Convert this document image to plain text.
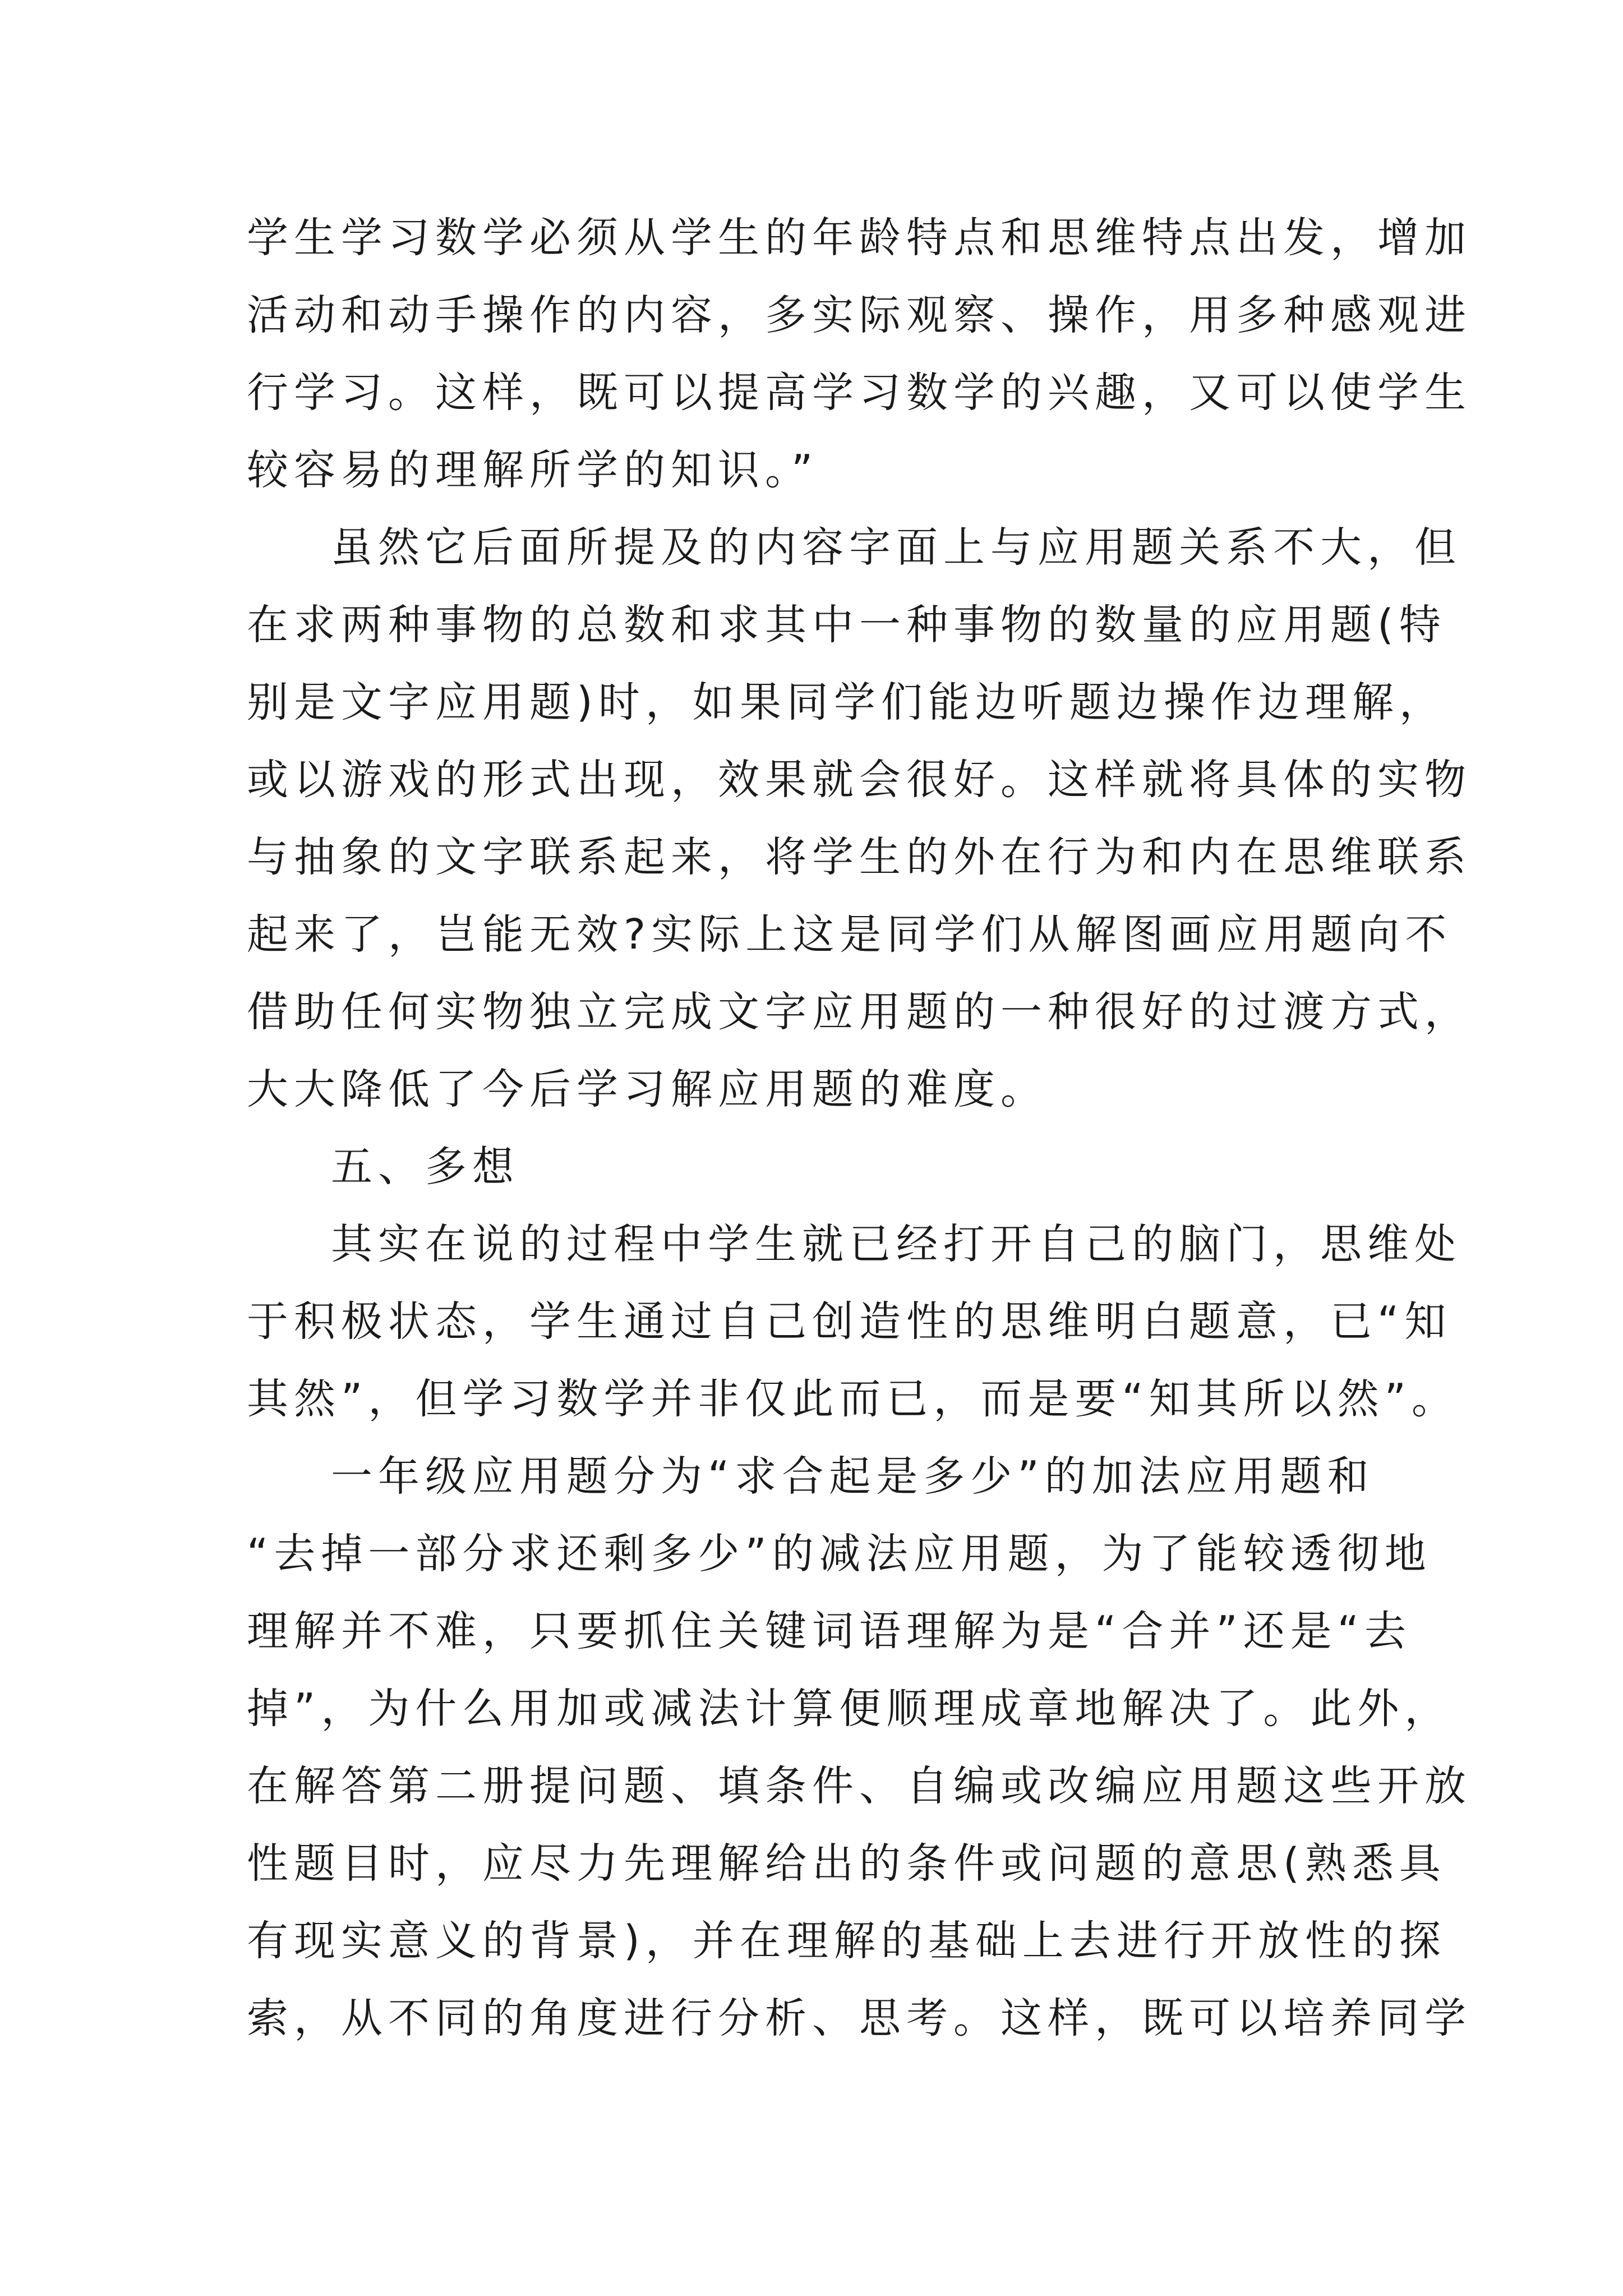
学生学习数学必须从学生的年龄特点和思维特点出发，增加
活动和动手操作的内容，多实际观察、操作，用多种感观进
行学习。这样，既可以提高学习数学的兴趣，又可以使学生
较容易的理解所学的知识。”
虽然它后面所提及的内容字面上与应用题关系不大，但
在求两种事物的总数和求其中一种事物的数量的应用题(特
别是文字应用题)时，如果同学们能边听题边操作边理解，
或以游戏的形式出现，效果就会很好。这样就将具体的实物
与抽象的文字联系起来，将学生的外在行为和内在思维联系
起来了，岂能无效?实际上这是同学们从解图画应用题向不
借助任何实物独立完成文字应用题的一种很好的过渡方式，
大大降低了今后学习解应用题的难度。
五、多想
其实在说的过程中学生就已经打开自己的脑门，思维处
于积极状态，学生通过自己创造性的思维明白题意，已“知
其然”，但学习数学并非仅此而已，而是要“知其所以然”。
一年级应用题分为“求合起是多少”的加法应用题和
“去掉一部分求还剩多少”的减法应用题，为了能较透彻地
理解并不难，只要抓住关键词语理解为是“合并”还是“去
掉”，为什么用加或减法计算便顺理成章地解决了。此外，
在解答第二册提问题、填条件、自编或改编应用题这些开放
性题目时，应尽力先理解给出的条件或问题的意思(熟悉具
有现实意义的背景)，并在理解的基础上去进行开放性的探
索，从不同的角度进行分析、思考。这样，既可以培养同学
